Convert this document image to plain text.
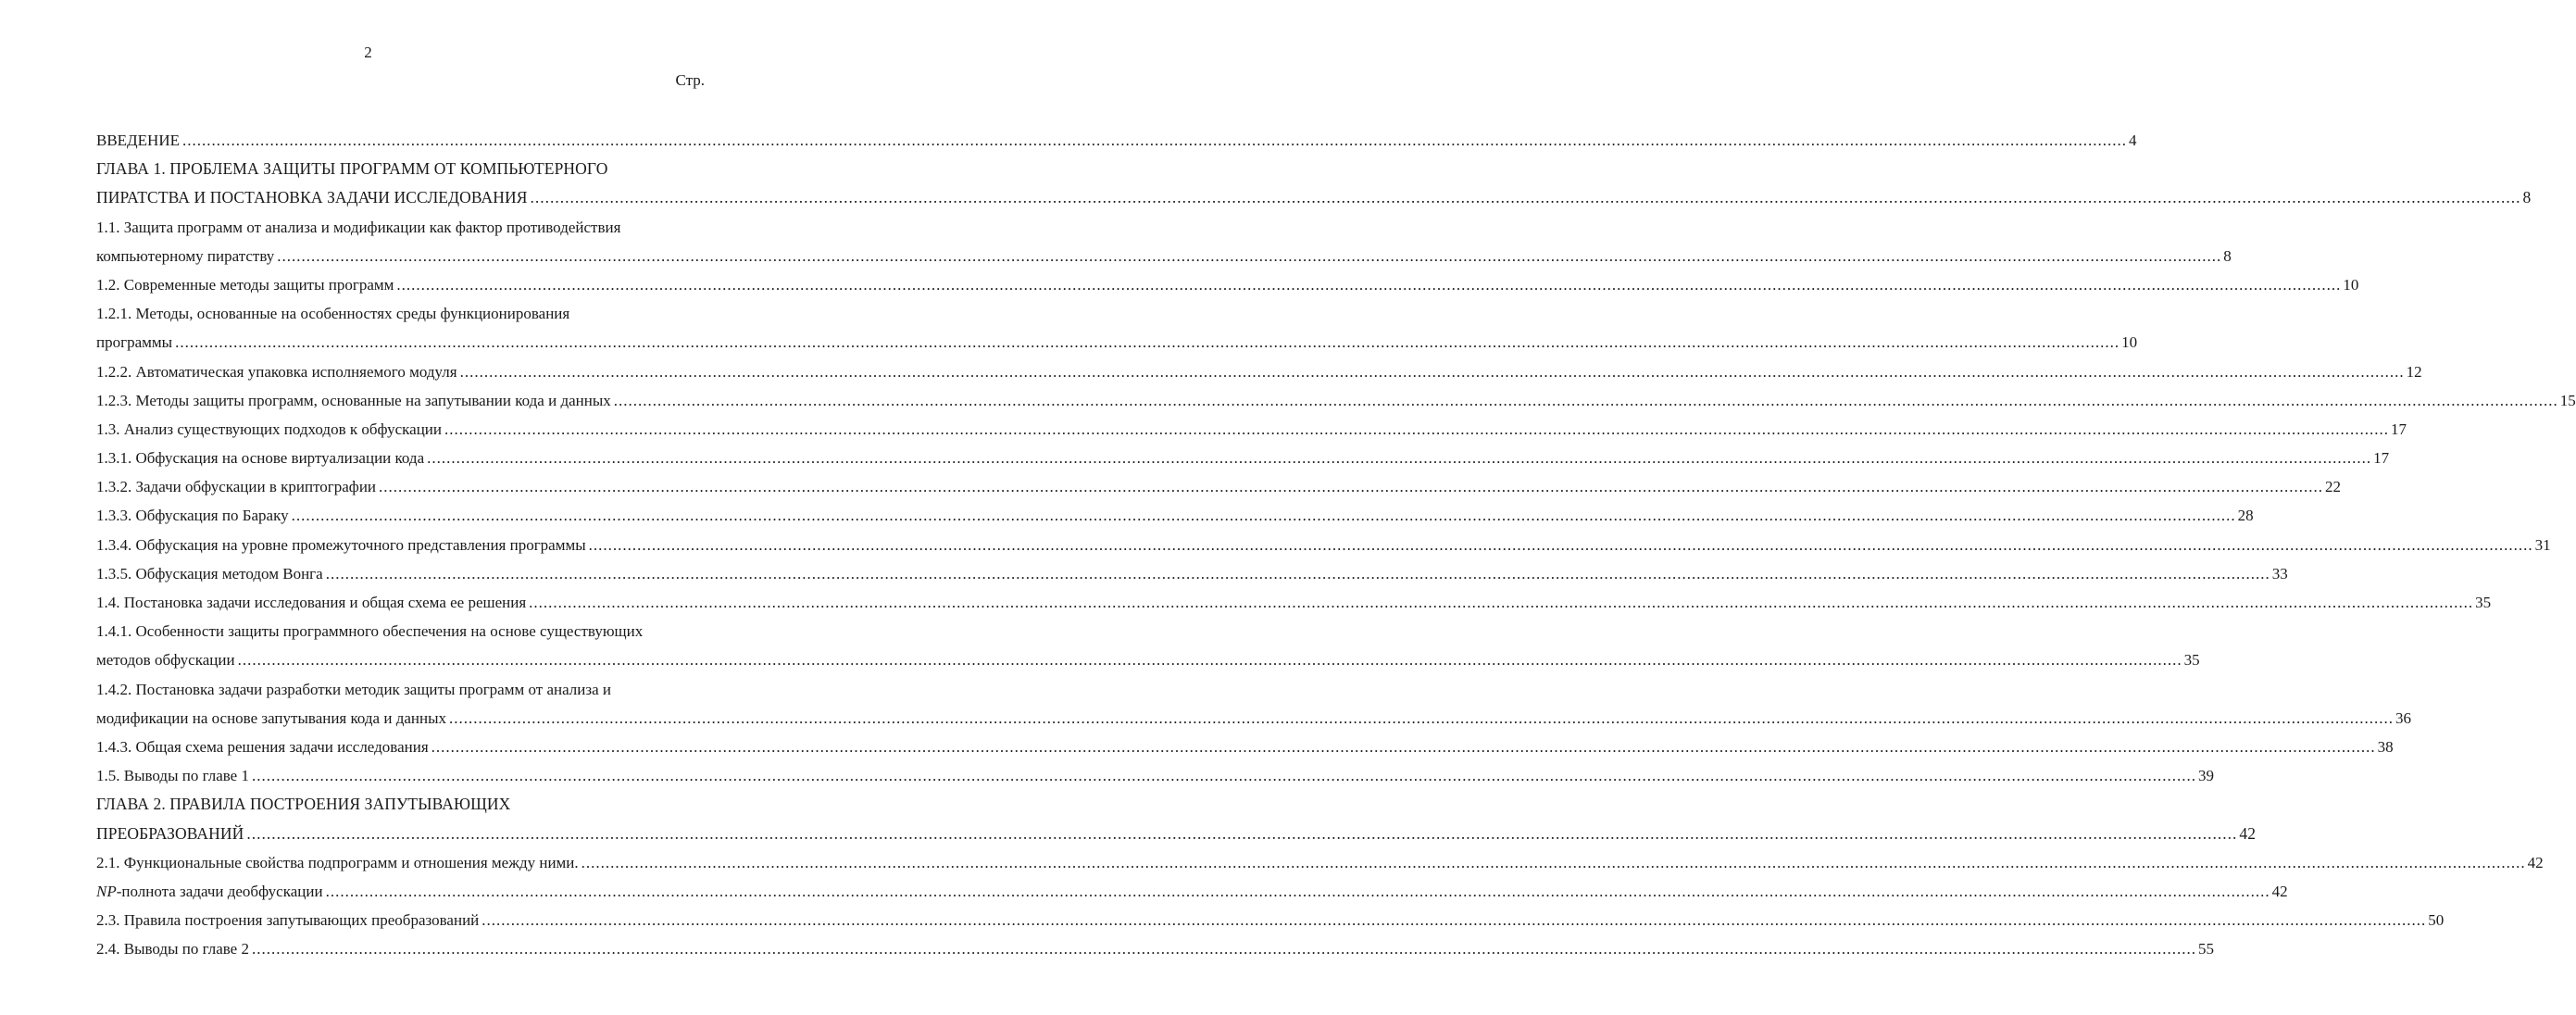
2
Стр.
ВВЕДЕНИЕ ................................................................................................................................................................................................................................................................................................................................................................................................................ 4
ГЛАВА 1. ПРОБЛЕМА ЗАЩИТЫ ПРОГРАММ ОТ КОМПЬЮТЕРНОГО
ПИРАТСТВА И ПОСТАНОВКА ЗАДАЧИ ИССЛЕДОВАНИЯ ................................................................................................................................................................................................................................................................................................................................................................................................................ 8
1.1. Защита программ от анализа и модификации как фактор противодействия
компьютерному пиратству ................................................................................................................................................................................................................................................................................................................................................................................................................ 8
1.2. Современные методы защиты программ ................................................................................................................................................................................................................................................................................................................................................................................................................ 10
1.2.1. Методы, основанные на особенностях среды функционирования
программы ................................................................................................................................................................................................................................................................................................................................................................................................................ 10
1.2.2. Автоматическая упаковка исполняемого модуля ................................................................................................................................................................................................................................................................................................................................................................................................................ 12
1.2.3. Методы защиты программ, основанные на запутывании кода и данных ................................................................................................................................................................................................................................................................................................................................................................................................................ 15
1.3. Анализ существующих подходов к обфускации ................................................................................................................................................................................................................................................................................................................................................................................................................ 17
1.3.1. Обфускация на основе виртуализации кода ................................................................................................................................................................................................................................................................................................................................................................................................................ 17
1.3.2. Задачи обфускации в криптографии ................................................................................................................................................................................................................................................................................................................................................................................................................ 22
1.3.3. Обфускация по Бараку ................................................................................................................................................................................................................................................................................................................................................................................................................ 28
1.3.4. Обфускация на уровне промежуточного представления программы ................................................................................................................................................................................................................................................................................................................................................................................................................ 31
1.3.5. Обфускация методом Вонга ................................................................................................................................................................................................................................................................................................................................................................................................................ 33
1.4. Постановка задачи исследования и общая схема ее решения ................................................................................................................................................................................................................................................................................................................................................................................................................ 35
1.4.1. Особенности защиты программного обеспечения на основе существующих
методов обфускации ................................................................................................................................................................................................................................................................................................................................................................................................................ 35
1.4.2. Постановка задачи разработки методик защиты программ от анализа и
модификации на основе запутывания кода и данных ................................................................................................................................................................................................................................................................................................................................................................................................................ 36
1.4.3. Общая схема решения задачи исследования ................................................................................................................................................................................................................................................................................................................................................................................................................ 38
1.5. Выводы по главе 1 ................................................................................................................................................................................................................................................................................................................................................................................................................ 39
ГЛАВА 2. ПРАВИЛА ПОСТРОЕНИЯ ЗАПУТЫВАЮЩИХ
ПРЕОБРАЗОВАНИЙ ................................................................................................................................................................................................................................................................................................................................................................................................................ 42
2.1. Функциональные свойства подпрограмм и отношения между ними. ................................................................................................................................................................................................................................................................................................................................................................................................................ 42
NP-полнота задачи деобфускации ................................................................................................................................................................................................................................................................................................................................................................................................................ 42
2.3. Правила построения запутывающих преобразований ................................................................................................................................................................................................................................................................................................................................................................................................................ 50
2.4. Выводы по главе 2 ................................................................................................................................................................................................................................................................................................................................................................................................................ 55
